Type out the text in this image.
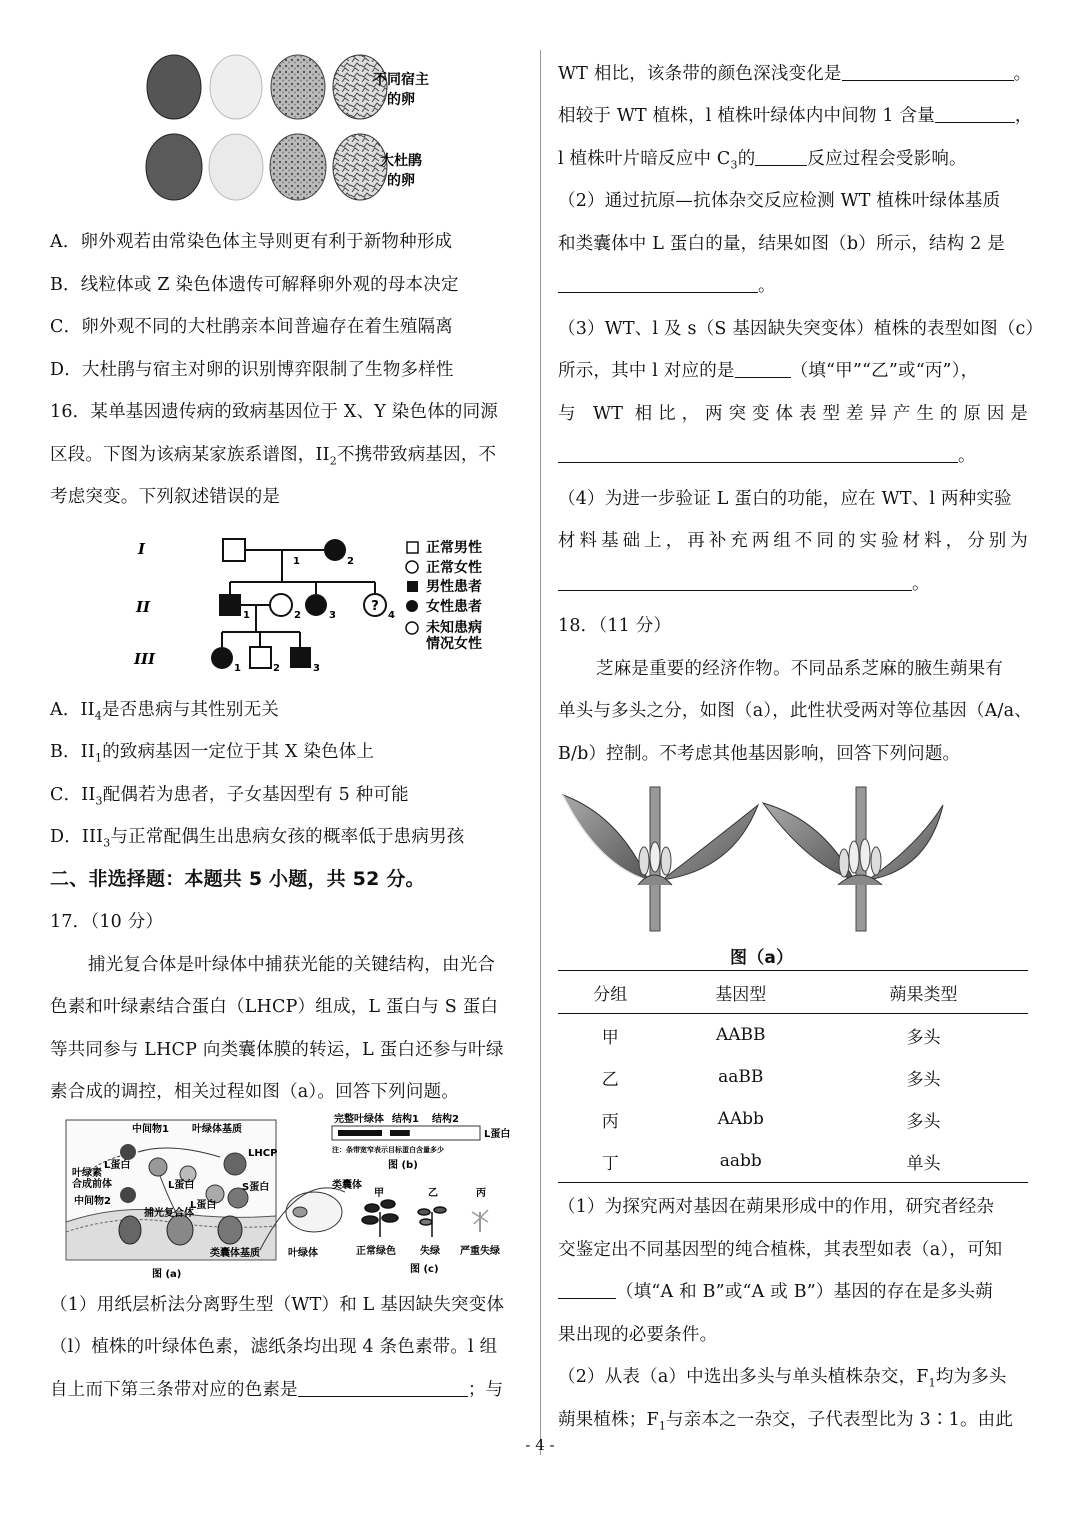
不同宿主
的卵
大杜鹃
的卵
A．卵外观若由常染色体主导则更有利于新物种形成
B．线粒体或 Z 染色体遗传可解释卵外观的母本决定
C．卵外观不同的大杜鹃亲本间普遍存在着生殖隔离
D．大杜鹃与宿主对卵的识别博弈限制了生物多样性
16．某单基因遗传病的致病基因位于 X、Y 染色体的同源
区段。下图为该病某家族系谱图，$II_2$不携带致病基因，不
考虑突变。下列叙述错误的是
I
II
III
?
1	2
1	2	3	4
1	2	3
正常男性
正常女性
男性患者
女性患者
未知患病
情况女性
A．$II_4$是否患病与其性别无关
B．$II_1$的致病基因一定位于其 X 染色体上
C．$II_3$配偶若为患者，子女基因型有 5 种可能
D．$III_3$与正常配偶生出患病女孩的概率低于患病男孩
二、非选择题：本题共 5 小题，共 52 分。
17．（10 分）
捕光复合体是叶绿体中捕获光能的关键结构，由光合
色素和叶绿素结合蛋白（LHCP）组成，L 蛋白与 S 蛋白
等共同参与 LHCP 向类囊体膜的转运，L 蛋白还参与叶绿
素合成的调控，相关过程如图（a）。回答下列问题。
中间物1 叶绿体基质
叶绿素
合成前体
L蛋白
L蛋白
LHCP
中间物2	L蛋白
S蛋白
捕光复合体
类囊体基质
图 (a)
完整叶绿体 结构1 结构2
L蛋白
注：条带宽窄表示目标蛋白含量多少
图 (b)
类囊体
叶绿体
甲	乙	丙
正常绿色 失绿 严重失绿
图 (c)
（1）用纸层析法分离野生型（WT）和 L 基因缺失突变体
（l）植株的叶绿体色素，滤纸条均出现 4 条色素带。l 组
自上而下第三条带对应的色素是	；与
WT 相比，该条带的颜色深浅变化是	。
相较于 WT 植株，l 植株叶绿体内中间物 1 含量	，
l 植株叶片暗反应中 $C_3$的	反应过程会受影响。
（2）通过抗原—抗体杂交反应检测 WT 植株叶绿体基质
和类囊体中 L 蛋白的量，结果如图（b）所示，结构 2 是
。
（3）WT、l 及 s（S 基因缺失突变体）植株的表型如图（c）
所示，其中 l 对应的是	（填“甲”“乙”或“丙”），
与 WT 相比，两突变体表型差异产生的原因是
。
（4）为进一步验证 L 蛋白的功能，应在 WT、l 两种实验
材料基础上，再补充两组不同的实验材料，分别为
。
18．（11 分）
芝麻是重要的经济作物。不同品系芝麻的腋生蒴果有
单头与多头之分，如图（a），此性状受两对等位基因（A/a、
B/b）控制。不考虑其他基因影响，回答下列问题。
图（a）
分组	基因型	蒴果类型
甲	AABB	多头
乙	aaBB	多头
丙	AAbb	多头
丁	aabb	单头
（1）为探究两对基因在蒴果形成中的作用，研究者经杂
交鉴定出不同基因型的纯合植株，其表型如表（a），可知
（填“A 和 B”或“A 或 B”）基因的存在是多头蒴
果出现的必要条件。
（2）从表（a）中选出多头与单头植株杂交，$F_1$均为多头
蒴果植株；$F_1$与亲本之一杂交，子代表型比为 3∶1。由此
- 4 -
